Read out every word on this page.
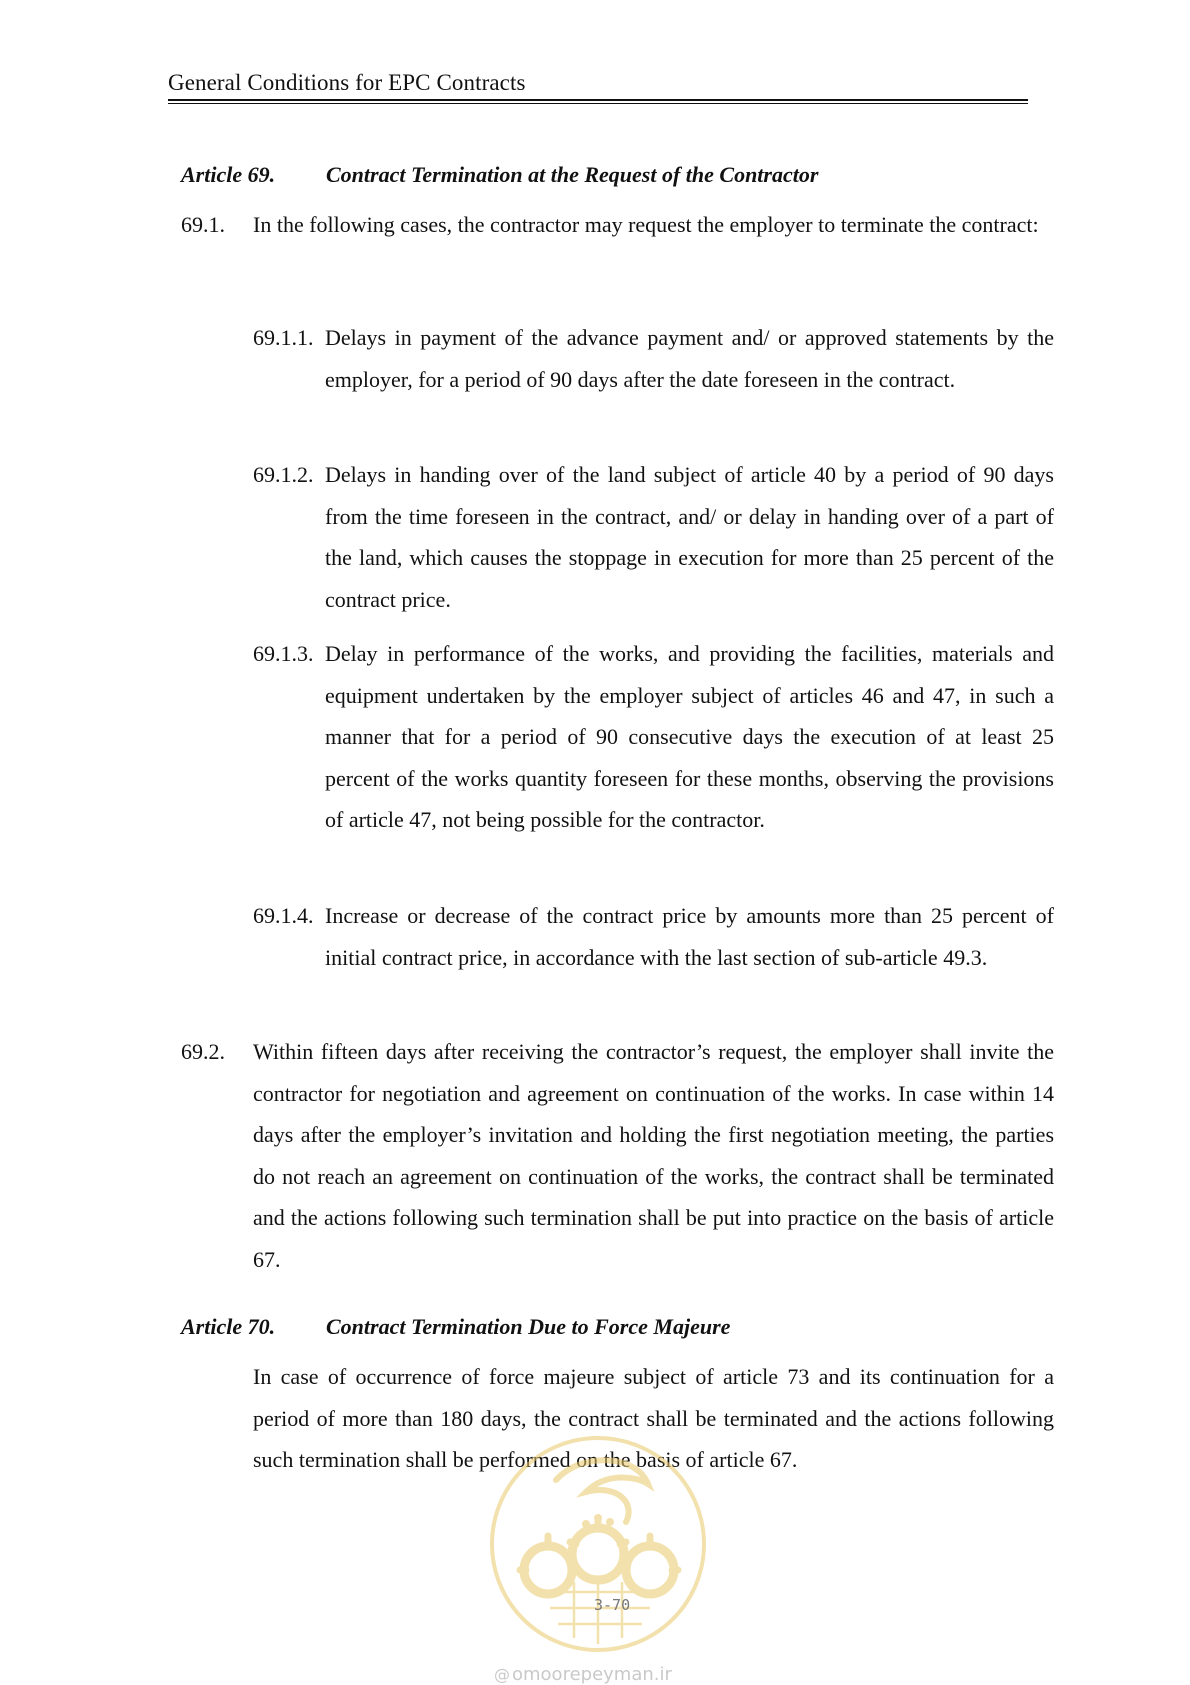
General Conditions for EPC Contracts
Article 69. Contract Termination at the Request of the Contractor
69.1. In the following cases, the contractor may request the employer to terminate the contract:
69.1.1. Delays in payment of the advance payment and/ or approved statements by the employer, for a period of 90 days after the date foreseen in the contract.
69.1.2. Delays in handing over of the land subject of article 40 by a period of 90 days from the time foreseen in the contract, and/ or delay in handing over of a part of the land, which causes the stoppage in execution for more than 25 percent of the contract price.
69.1.3. Delay in performance of the works, and providing the facilities, materials and equipment undertaken by the employer subject of articles 46 and 47, in such a manner that for a period of 90 consecutive days the execution of at least 25 percent of the works quantity foreseen for these months, observing the provisions of article 47, not being possible for the contractor.
69.1.4. Increase or decrease of the contract price by amounts more than 25 percent of initial contract price, in accordance with the last section of sub-article 49.3.
69.2. Within fifteen days after receiving the contractor’s request, the employer shall invite the contractor for negotiation and agreement on continuation of the works. In case within 14 days after the employer’s invitation and holding the first negotiation meeting, the parties do not reach an agreement on continuation of the works, the contract shall be terminated and the actions following such termination shall be put into practice on the basis of article 67.
Article 70. Contract Termination Due to Force Majeure
In case of occurrence of force majeure subject of article 73 and its continuation for a period of more than 180 days, the contract shall be terminated and the actions following such termination shall be performed on the basis of article 67.
3-70
@ omoorepeyman.ir
